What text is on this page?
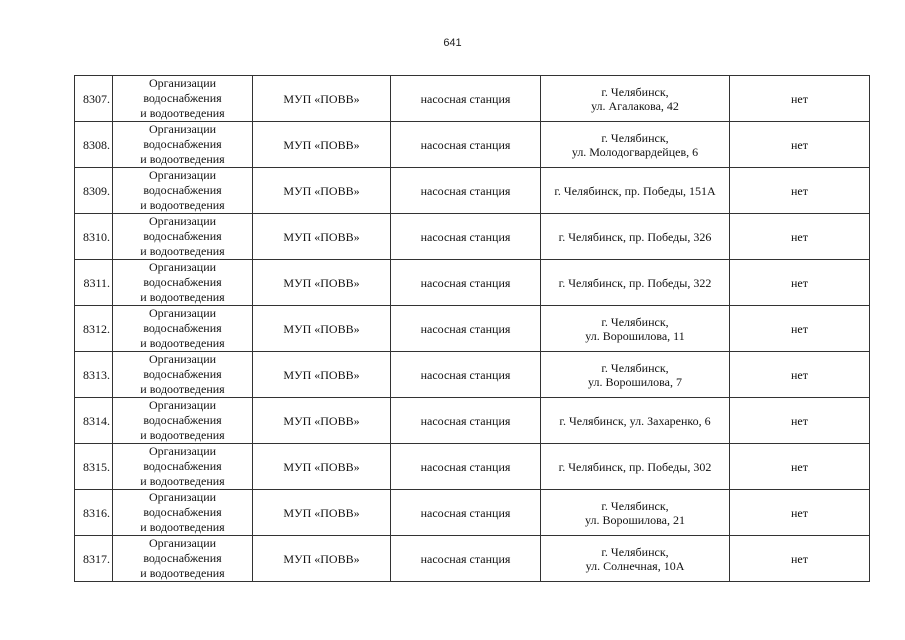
641
8307.	Организации
водоснабжения
и водоотведения	МУП «ПОВВ»	насосная станция	г. Челябинск,
ул. Агалакова, 42	нет
8308.	Организации
водоснабжения
и водоотведения	МУП «ПОВВ»	насосная станция	г. Челябинск,
ул. Молодогвардейцев, 6	нет
8309.	Организации
водоснабжения
и водоотведения	МУП «ПОВВ»	насосная станция	г. Челябинск, пр. Победы, 151А	нет
8310.	Организации
водоснабжения
и водоотведения	МУП «ПОВВ»	насосная станция	г. Челябинск, пр. Победы, 326	нет
8311.	Организации
водоснабжения
и водоотведения	МУП «ПОВВ»	насосная станция	г. Челябинск, пр. Победы, 322	нет
8312.	Организации
водоснабжения
и водоотведения	МУП «ПОВВ»	насосная станция	г. Челябинск,
ул. Ворошилова, 11	нет
8313.	Организации
водоснабжения
и водоотведения	МУП «ПОВВ»	насосная станция	г. Челябинск,
ул. Ворошилова, 7	нет
8314.	Организации
водоснабжения
и водоотведения	МУП «ПОВВ»	насосная станция	г. Челябинск, ул. Захаренко, 6	нет
8315.	Организации
водоснабжения
и водоотведения	МУП «ПОВВ»	насосная станция	г. Челябинск, пр. Победы, 302	нет
8316.	Организации
водоснабжения
и водоотведения	МУП «ПОВВ»	насосная станция	г. Челябинск,
ул. Ворошилова, 21	нет
8317.	Организации
водоснабжения
и водоотведения	МУП «ПОВВ»	насосная станция	г. Челябинск,
ул. Солнечная, 10А	нет
